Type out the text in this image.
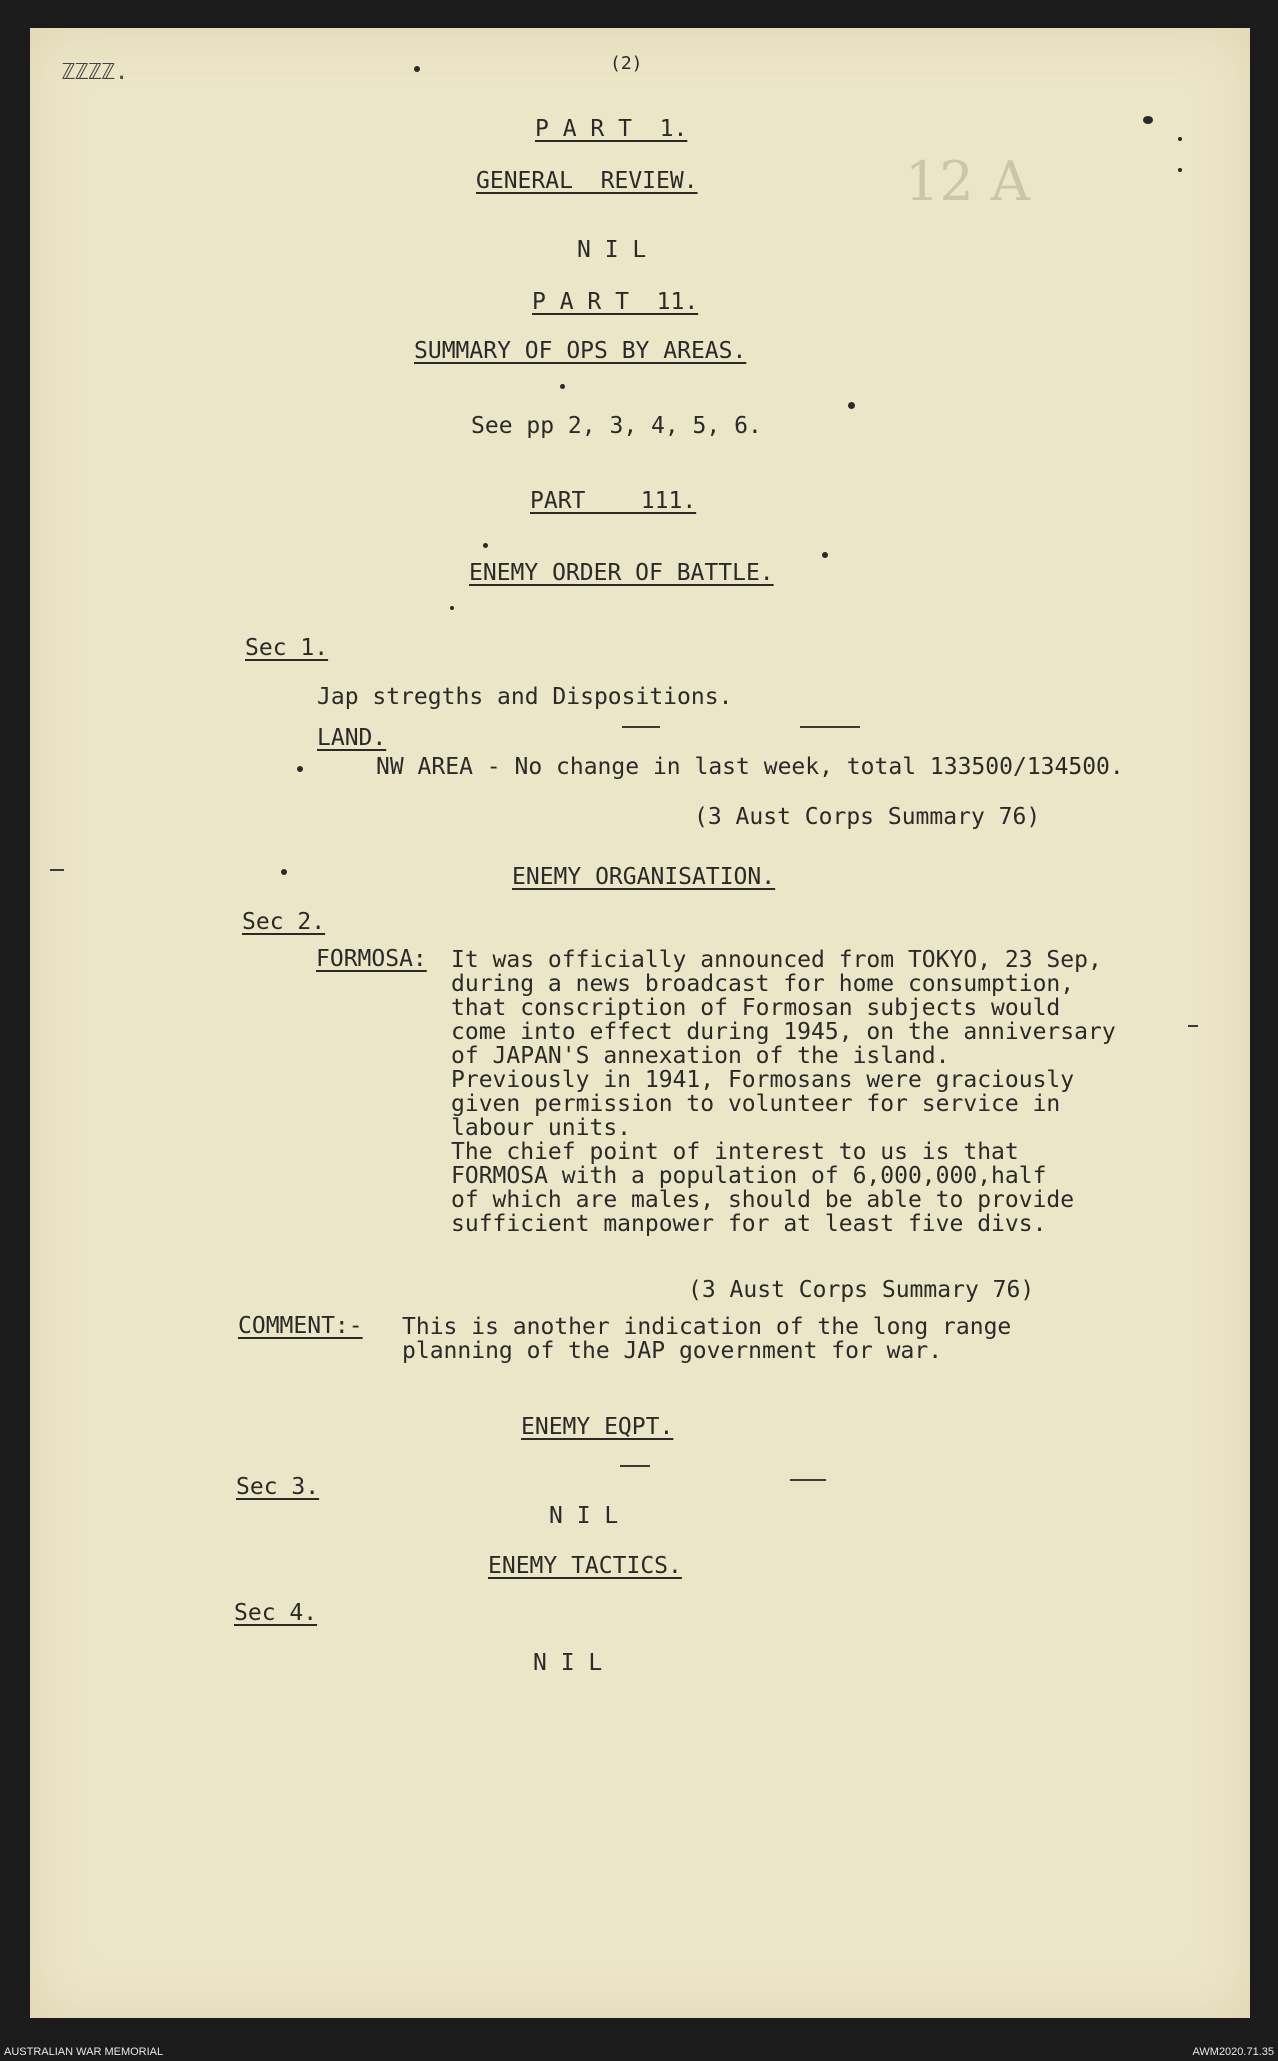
12 A
ℤℤℤℤ.	(2)
P A R T  1.
GENERAL  REVIEW.
N I L
P A R T  11.
SUMMARY OF OPS BY AREAS.
See pp 2, 3, 4, 5, 6.
PART    111.
ENEMY ORDER OF BATTLE.
Sec 1.
Jap stregths and Dispositions.
LAND.
NW AREA - No change in last week, total 133500/134500.
(3 Aust Corps Summary 76)
ENEMY ORGANISATION.
Sec 2.
FORMOSA: It was officially announced from TOKYO, 23 Sep,
during a news broadcast for home consumption,
that conscription of Formosan subjects would
come into effect during 1945, on the anniversary
of JAPAN'S annexation of the island.
Previously in 1941, Formosans were graciously
given permission to volunteer for service in
labour units.
The chief point of interest to us is that
FORMOSA with a population of 6,000,000,half
of which are males, should be able to provide
sufficient manpower for at least five divs.
(3 Aust Corps Summary 76)
COMMENT:- This is another indication of the long range
planning of the JAP government for war.
ENEMY EQPT.
Sec 3.
N I L
ENEMY TACTICS.
Sec 4.
N I L
AUSTRALIAN WAR MEMORIAL	AWM2020.71.35
